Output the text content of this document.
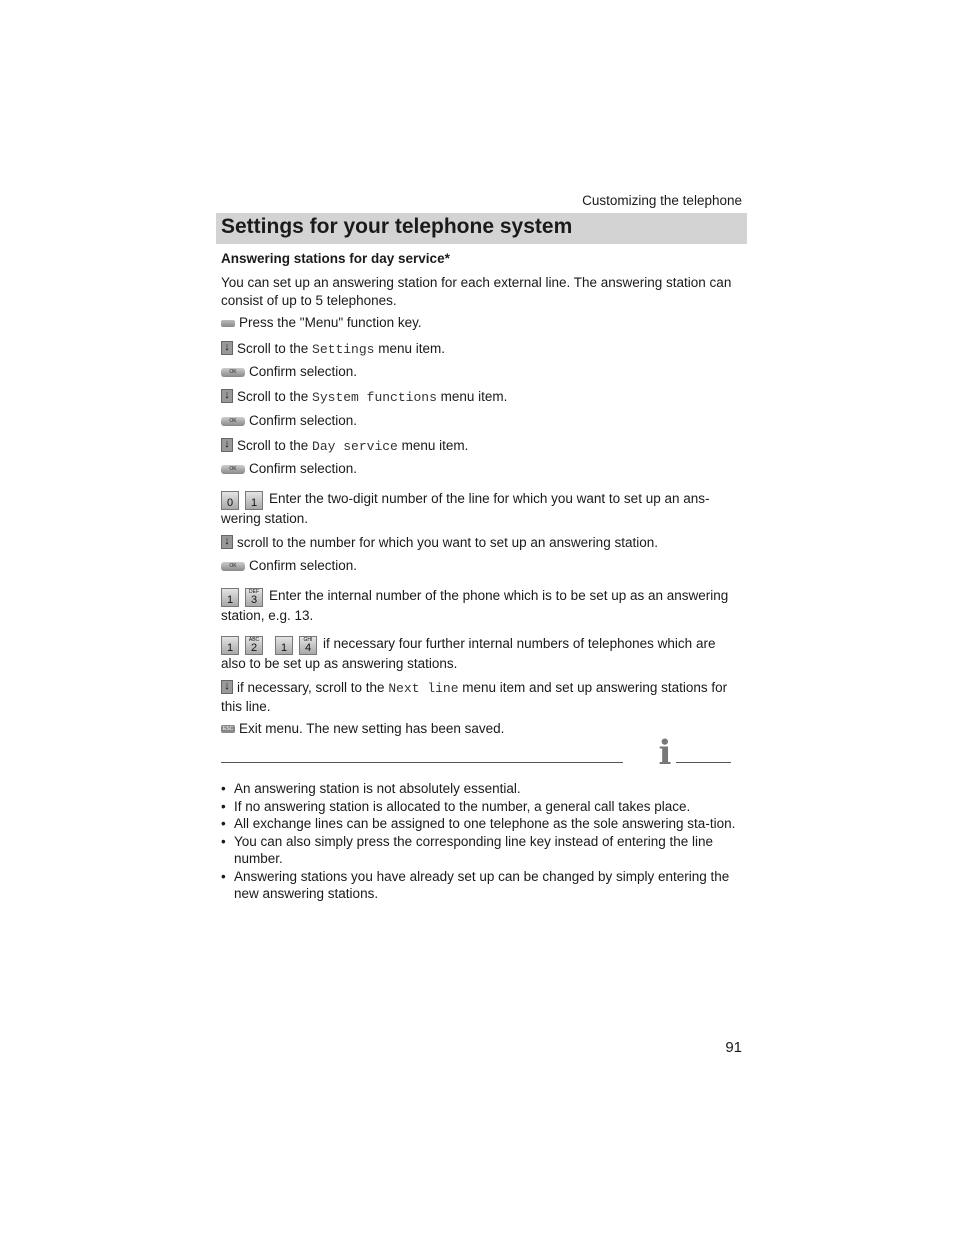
Customizing the telephone
Settings for your telephone system
Answering stations for day service*
You can set up an answering station for each external line. The answering station can consist of up to 5 telephones.
Press the "Menu" function key.
↓Scroll to the Settings menu item.
OK Confirm selection.
↓Scroll to the System functions menu item.
OK Confirm selection.
↓Scroll to the Day service menu item.
OK Confirm selection.
0 1 Enter the two-digit number of the line for which you want to set up an ans-wering station.
↓scroll to the number for which you want to set up an answering station.
OK Confirm selection.
1
DEF
3 Enter the internal number of the phone which is to be set up as an answering station, e.g. 13.
1
ABC
2 1
GHI
4 if necessary four further internal numbers of telephones which are also to be set up as answering stations.
↓if necessary, scroll to the Next line menu item and set up answering stations for this line.
ESC Exit menu. The new setting has been saved.
i
• An answering station is not absolutely essential.
• If no answering station is allocated to the number, a general call takes place.
• All exchange lines can be assigned to one telephone as the sole answering sta-tion.
• You can also simply press the corresponding line key instead of entering the line number.
• Answering stations you have already set up can be changed by simply entering the new answering stations.
91
